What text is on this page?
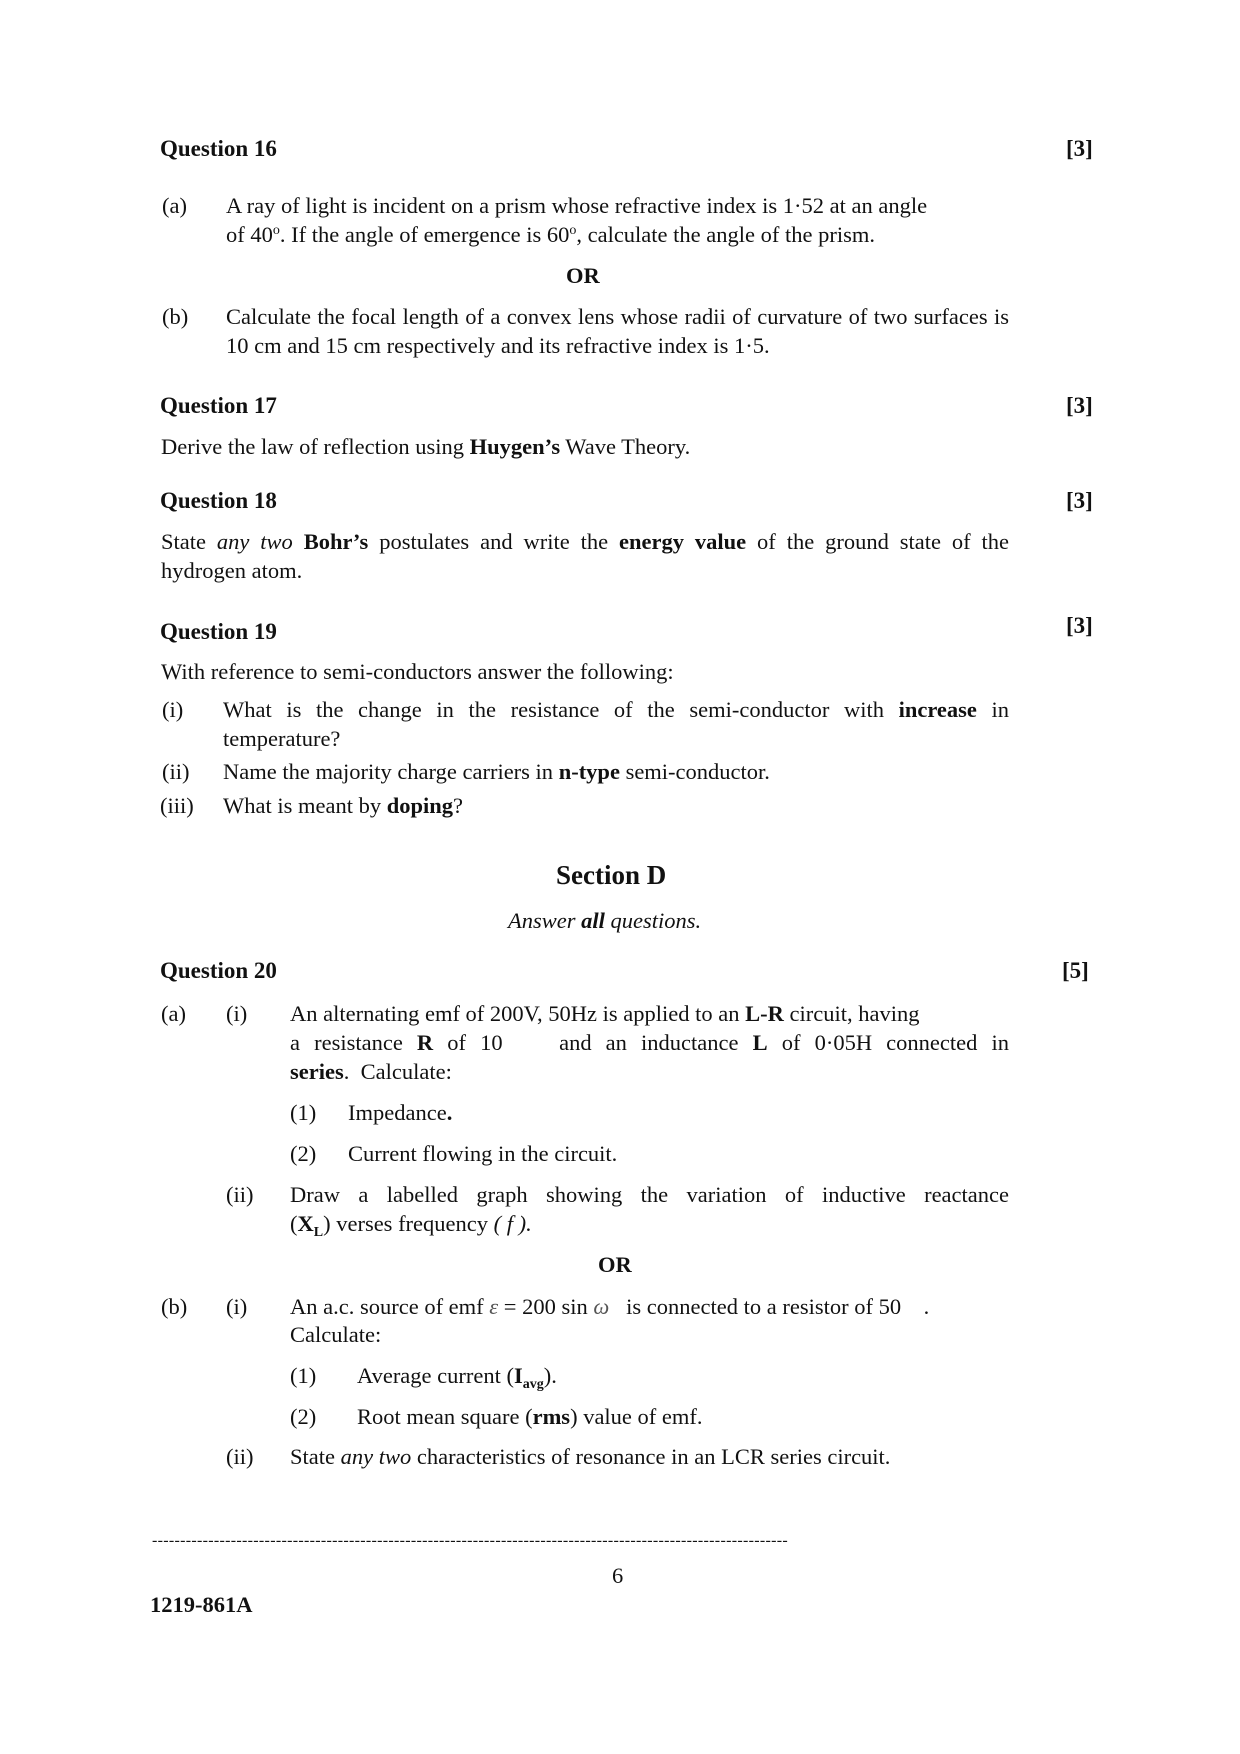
Question 16	[3]
(a) A ray of light is incident on a prism whose refractive index is 1·52 at an angle
of 40$^o$. If the angle of emergence is 60$^o$, calculate the angle of the prism.
OR
(b) Calculate the focal length of a convex lens whose radii of curvature of two surfaces is 10 cm and 15 cm respectively and its refractive index is 1·5.
Question 17	[3]
Derive the law of reflection using Huygen’s Wave Theory.
Question 18	[3]
State any two Bohr’s postulates and write the energy value of the ground state of the hydrogen atom.
Question 19	[3]
With reference to semi-conductors answer the following:
(i) What is the change in the resistance of the semi-conductor with increase in temperature?
(ii) Name the majority charge carriers in n-type semi-conductor.
(iii) What is meant by doping?
Section D
Answer all questions.
Question 20	[5]
(a) (i) An alternating emf of 200V, 50Hz is applied to an L-R circuit, having
a resistance R of 10    and an inductance L of 0·05H connected in
series.  Calculate:
(1) Impedance.
(2) Current flowing in the circuit.
(ii) Draw a labelled graph showing the variation of inductive reactance
$(X_L)$ verses frequency ( f ).
OR
(b) (i) An a.c. source of emf ε = 200 sin ω   is connected to a resistor of 50    .
Calculate:
(1) Average current $(I_{avg})$.
(2) Root mean square (rms) value of emf.
(ii) State any two characteristics of resonance in an LCR series circuit.
-----------------------------------------------------------------------------------------------------------------
6
1219-861A
